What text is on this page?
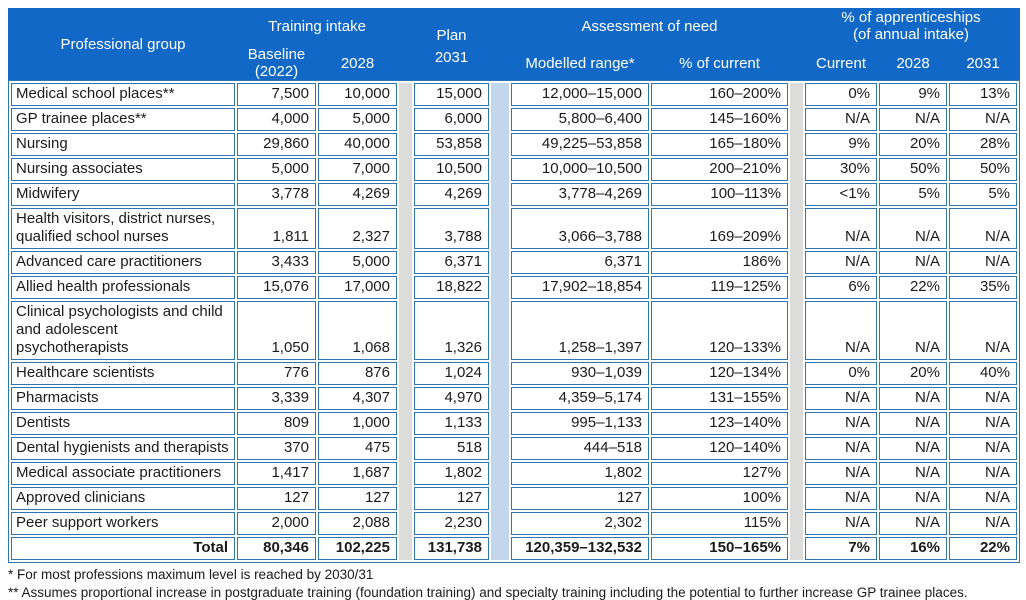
Professional group
Training intake
Baseline (2022)	2028
Plan
2031
Assessment of need
Modelled range*	% of current
% of apprenticeships
(of annual intake)
Current	2028	2031
Medical school places**	7,500	10,000	15,000	12,000–15,000	160–200%	0%	9%	13%
GP trainee places**	4,000	5,000	6,000	5,800–6,400	145–160%	N/A	N/A	N/A
Nursing	29,860	40,000	53,858	49,225–53,858	165–180%	9%	20%	28%
Nursing associates	5,000	7,000	10,500	10,000–10,500	200–210%	30%	50%	50%
Midwifery	3,778	4,269	4,269	3,778–4,269	100–113%	<1%	5%	5%
Health visitors, district nurses, qualified school nurses	1,811	2,327	3,788	3,066–3,788	169–209%	N/A	N/A	N/A
Advanced care practitioners	3,433	5,000	6,371	6,371	186%	N/A	N/A	N/A
Allied health professionals	15,076	17,000	18,822	17,902–18,854	119–125%	6%	22%	35%
Clinical psychologists and child and adolescent psychotherapists	1,050	1,068	1,326	1,258–1,397	120–133%	N/A	N/A	N/A
Healthcare scientists	776	876	1,024	930–1,039	120–134%	0%	20%	40%
Pharmacists	3,339	4,307	4,970	4,359–5,174	131–155%	N/A	N/A	N/A
Dentists	809	1,000	1,133	995–1,133	123–140%	N/A	N/A	N/A
Dental hygienists and therapists	370	475	518	444–518	120–140%	N/A	N/A	N/A
Medical associate practitioners	1,417	1,687	1,802	1,802	127%	N/A	N/A	N/A
Approved clinicians	127	127	127	127	100%	N/A	N/A	N/A
Peer support workers	2,000	2,088	2,230	2,302	115%	N/A	N/A	N/A
Total	80,346	102,225	131,738	120,359–132,532	150–165%	7%	16%	22%
* For most professions maximum level is reached by 2030/31
** Assumes proportional increase in postgraduate training (foundation training) and specialty training including the potential to further increase GP trainee places.
